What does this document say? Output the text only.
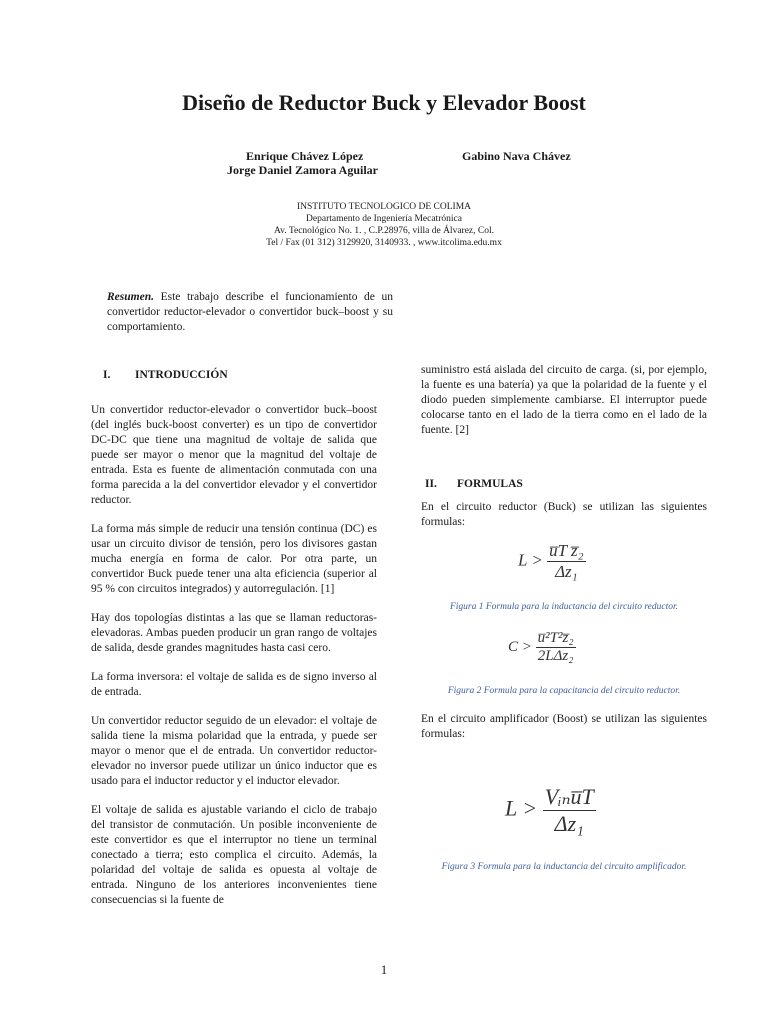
Diseño de Reductor Buck y Elevador Boost
Enrique Chávez López
Jorge Daniel Zamora Aguilar
Gabino Nava Chávez
INSTITUTO TECNOLOGICO DE COLIMA
Departamento de Ingeniería Mecatrónica
Av. Tecnológico No. 1. , C.P.28976, villa de Álvarez, Col.
Tel / Fax (01 312) 3129920, 3140933. , www.itcolima.edu.mx
Resumen. Este trabajo describe el funcionamiento de un convertidor reductor-elevador o convertidor buck–boost y su comportamiento.
I. INTRODUCCIÓN

Un convertidor reductor-elevador o convertidor buck–boost (del inglés buck-boost converter) es un tipo de convertidor DC-DC que tiene una magnitud de voltaje de salida que puede ser mayor o menor que la magnitud del voltaje de entrada. Esta es fuente de alimentación conmutada con una forma parecida a la del convertidor elevador y el convertidor reductor.

La forma más simple de reducir una tensión continua (DC) es usar un circuito divisor de tensión, pero los divisores gastan mucha energía en forma de calor. Por otra parte, un convertidor Buck puede tener una alta eficiencia (superior al 95 % con circuitos integrados) y autorregulación. [1]

Hay dos topologías distintas a las que se llaman reductoras-elevadoras. Ambas pueden producir un gran rango de voltajes de salida, desde grandes magnitudes hasta casi cero.

La forma inversora: el voltaje de salida es de signo inverso al de entrada.

Un convertidor reductor seguido de un elevador: el voltaje de salida tiene la misma polaridad que la entrada, y puede ser mayor o menor que el de entrada. Un convertidor reductor-elevador no inversor puede utilizar un único inductor que es usado para el inductor reductor y el inductor elevador.

El voltaje de salida es ajustable variando el ciclo de trabajo del transistor de conmutación. Un posible inconveniente de este convertidor es que el interruptor no tiene un terminal conectado a tierra; esto complica el circuito. Además, la polaridad del voltaje de salida es opuesta al voltaje de entrada. Ninguno de los anteriores inconvenientes tiene consecuencias si la fuente de

suministro está aislada del circuito de carga. (si, por ejemplo, la fuente es una batería) ya que la polaridad de la fuente y el diodo pueden simplemente cambiarse. El interruptor puede colocarse tanto en el lado de la tierra como en el lado de la fuente. [2]
II. FORMULAS
En el circuito reductor (Buck) se utilizan las siguientes formulas:
$L > \frac{\text{u̅T z̅₂}}{\text{Δz₁}}$
Figura 1 Formula para la inductancia del circuito reductor.
$C > \frac{\text{u̅²T²z̅₂}}{\text{2LΔz₂}}$
Figura 2 Formula para la capacitancia del circuito reductor.
En el circuito amplificador (Boost) se utilizan las siguientes formulas:
$L > \frac{\text{Vᵢₙu̅T}}{\text{Δz₁}}$
Figura 3 Formula para la inductancia del circuito amplificador.
1
